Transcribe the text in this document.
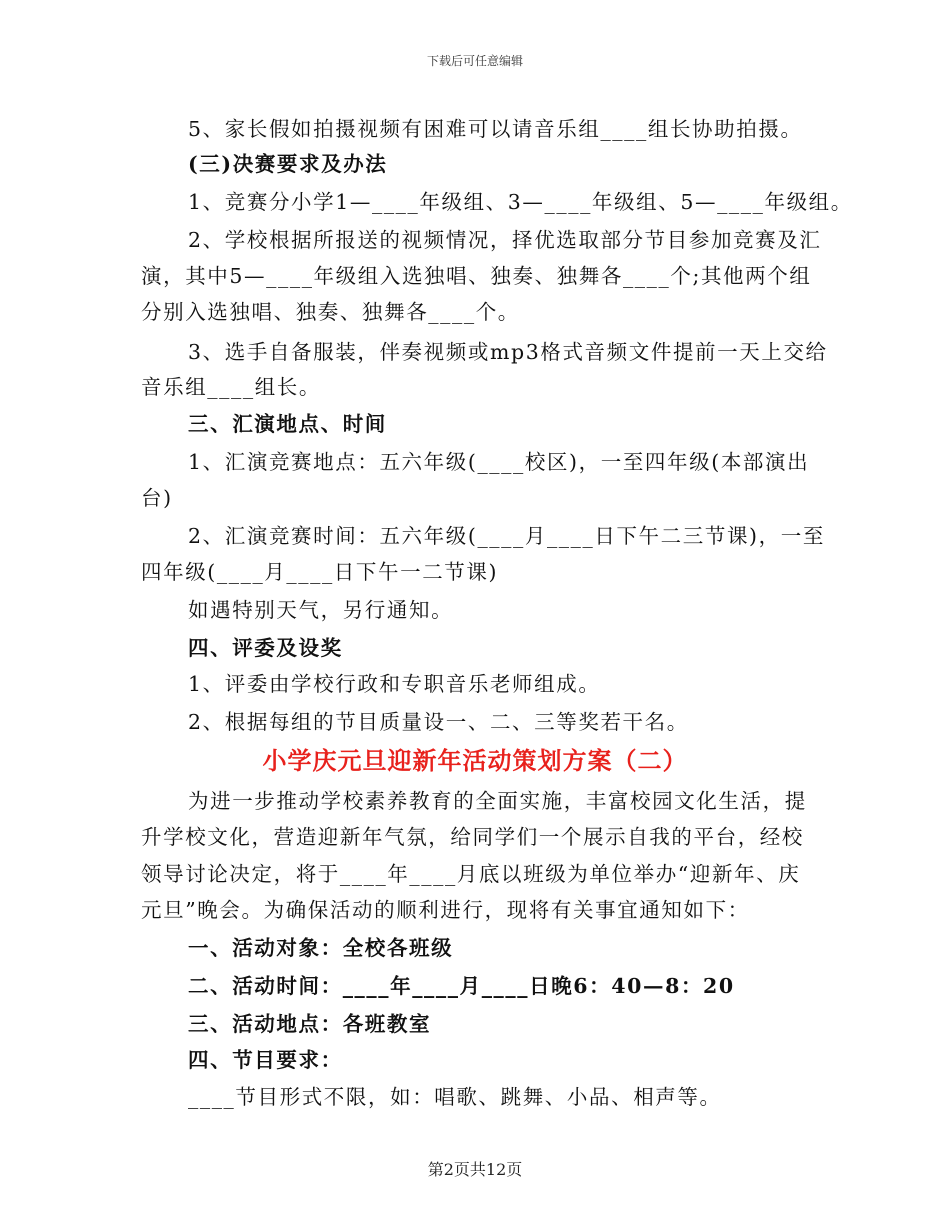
下载后可任意编辑
5、家长假如拍摄视频有困难可以请音乐组____组长协助拍摄。
(三)决赛要求及办法
1、竞赛分小学1—____年级组、3—____年级组、5—____年级组。
2、学校根据所报送的视频情况，择优选取部分节目参加竞赛及汇
演，其中5—____年级组入选独唱、独奏、独舞各____个;其他两个组
分别入选独唱、独奏、独舞各____个。
3、选手自备服装，伴奏视频或mp3格式音频文件提前一天上交给
音乐组____组长。
三、汇演地点、时间
1、汇演竞赛地点：五六年级(____校区)，一至四年级(本部演出
台)
2、汇演竞赛时间：五六年级(____月____日下午二三节课)，一至
四年级(____月____日下午一二节课)
如遇特别天气，另行通知。
四、评委及设奖
1、评委由学校行政和专职音乐老师组成。
2、根据每组的节目质量设一、二、三等奖若干名。
小学庆元旦迎新年活动策划方案（二）
为进一步推动学校素养教育的全面实施，丰富校园文化生活，提
升学校文化，营造迎新年气氛，给同学们一个展示自我的平台，经校
领导讨论决定，将于____年____月底以班级为单位举办“迎新年、庆
元旦”晚会。为确保活动的顺利进行，现将有关事宜通知如下：
一、活动对象：全校各班级
二、活动时间：____年____月____日晚6：40—8：20
三、活动地点：各班教室
四、节目要求：
____节目形式不限，如：唱歌、跳舞、小品、相声等。
第2页共12页
